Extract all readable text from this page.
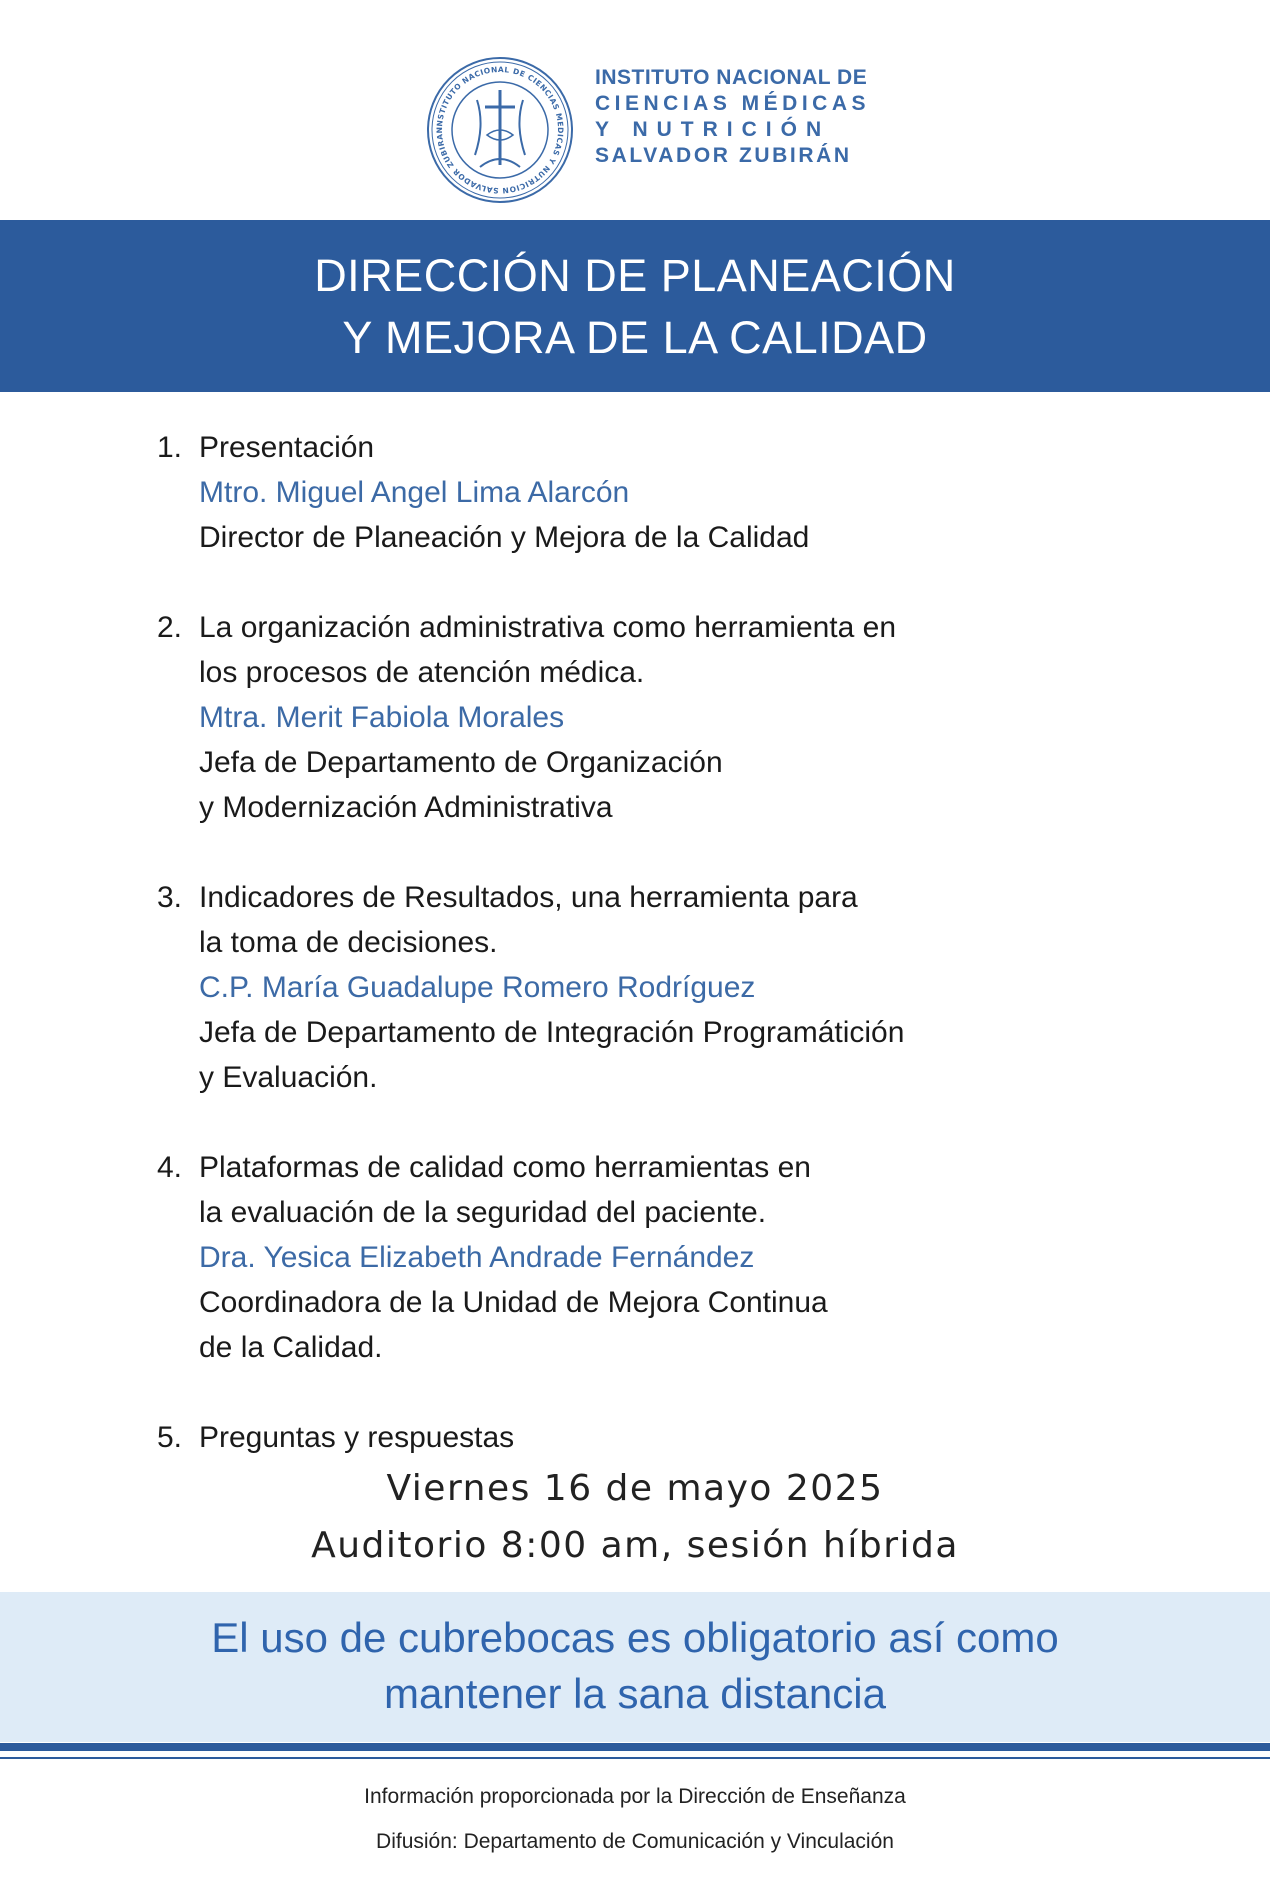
INSTITUTO NACIONAL DE CIENCIAS MEDICAS Y NUTRICION SALVADOR ZUBIRAN
INSTITUTO NACIONAL DE
CIENCIAS MÉDICAS
Y NUTRICIÓN
SALVADOR ZUBIRÁN
DIRECCIÓN DE PLANEACIÓN
Y MEJORA DE LA CALIDAD
1. Presentación
Mtro. Miguel Angel Lima Alarcón
Director de Planeación y Mejora de la Calidad
2. La organización administrativa como herramienta en
los procesos de atención médica.
Mtra. Merit Fabiola Morales
Jefa de Departamento de Organización
y Modernización Administrativa
3. Indicadores de Resultados, una herramienta para
la toma de decisiones.
C.P. María Guadalupe Romero Rodríguez
Jefa de Departamento de Integración Programátición
y Evaluación.
4. Plataformas de calidad como herramientas en
la evaluación de la seguridad del paciente.
Dra. Yesica Elizabeth Andrade Fernández
Coordinadora de la Unidad de Mejora Continua
de la Calidad.
5. Preguntas y respuestas
Viernes 16 de mayo 2025
Auditorio 8:00 am, sesión híbrida
El uso de cubrebocas es obligatorio así como
mantener la sana distancia
Información proporcionada por la Dirección de Enseñanza
Difusión: Departamento de Comunicación y Vinculación
